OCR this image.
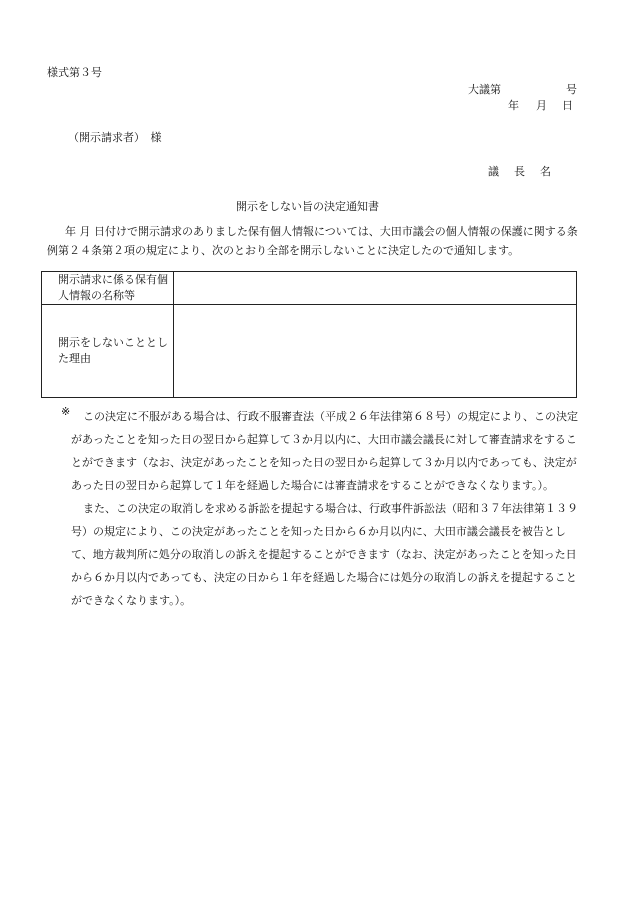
様式第３号
大議第	号
年 月 日
（開示請求者）　様
議長名
開示をしない旨の決定通知書
年 月 日付けで開示請求のありました保有個人情報については、大田市議会の個人情報の保護に関する条例第２４条第２項の規定により、次のとおり全部を開示しないことに決定したので通知します。
開示請求に係る保有個人情報の名称等	
開示をしないこととした理由	
※	この決定に不服がある場合は、行政不服審査法（平成２６年法律第６８号）の規定により、この決定があったことを知った日の翌日から起算して３か月以内に、大田市議会議長に対して審査請求をすることができます（なお、決定があったことを知った日の翌日から起算して３か月以内であっても、決定があった日の翌日から起算して１年を経過した場合には審査請求をすることができなくなります。）。

また、この決定の取消しを求める訴訟を提起する場合は、行政事件訴訟法（昭和３７年法律第１３９号）の規定により、この決定があったことを知った日から６か月以内に、大田市議会議長を被告として、地方裁判所に処分の取消しの訴えを提起することができます（なお、決定があったことを知った日から６か月以内であっても、決定の日から１年を経過した場合には処分の取消しの訴えを提起することができなくなります。）。
